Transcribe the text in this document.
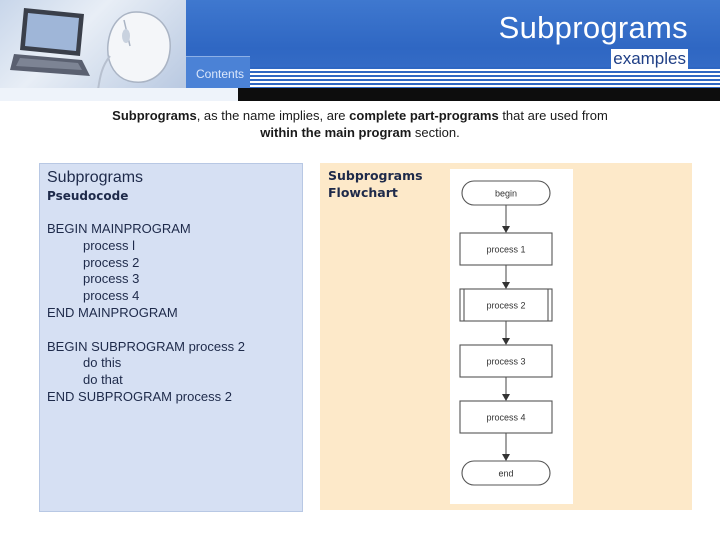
Subprograms
Contents
examples
Subprograms, as the name implies, are complete part-programs that are used from within the main program section.
Subprograms
Pseudocode
BEGIN MAINPROGRAM
process l
process 2
process 3
process 4
END MAINPROGRAM

BEGIN SUBPROGRAM process 2
do this
do that
END SUBPROGRAM process 2
Subprograms
Flowchart	begin
process 1
process 2
process 3
process 4
end
